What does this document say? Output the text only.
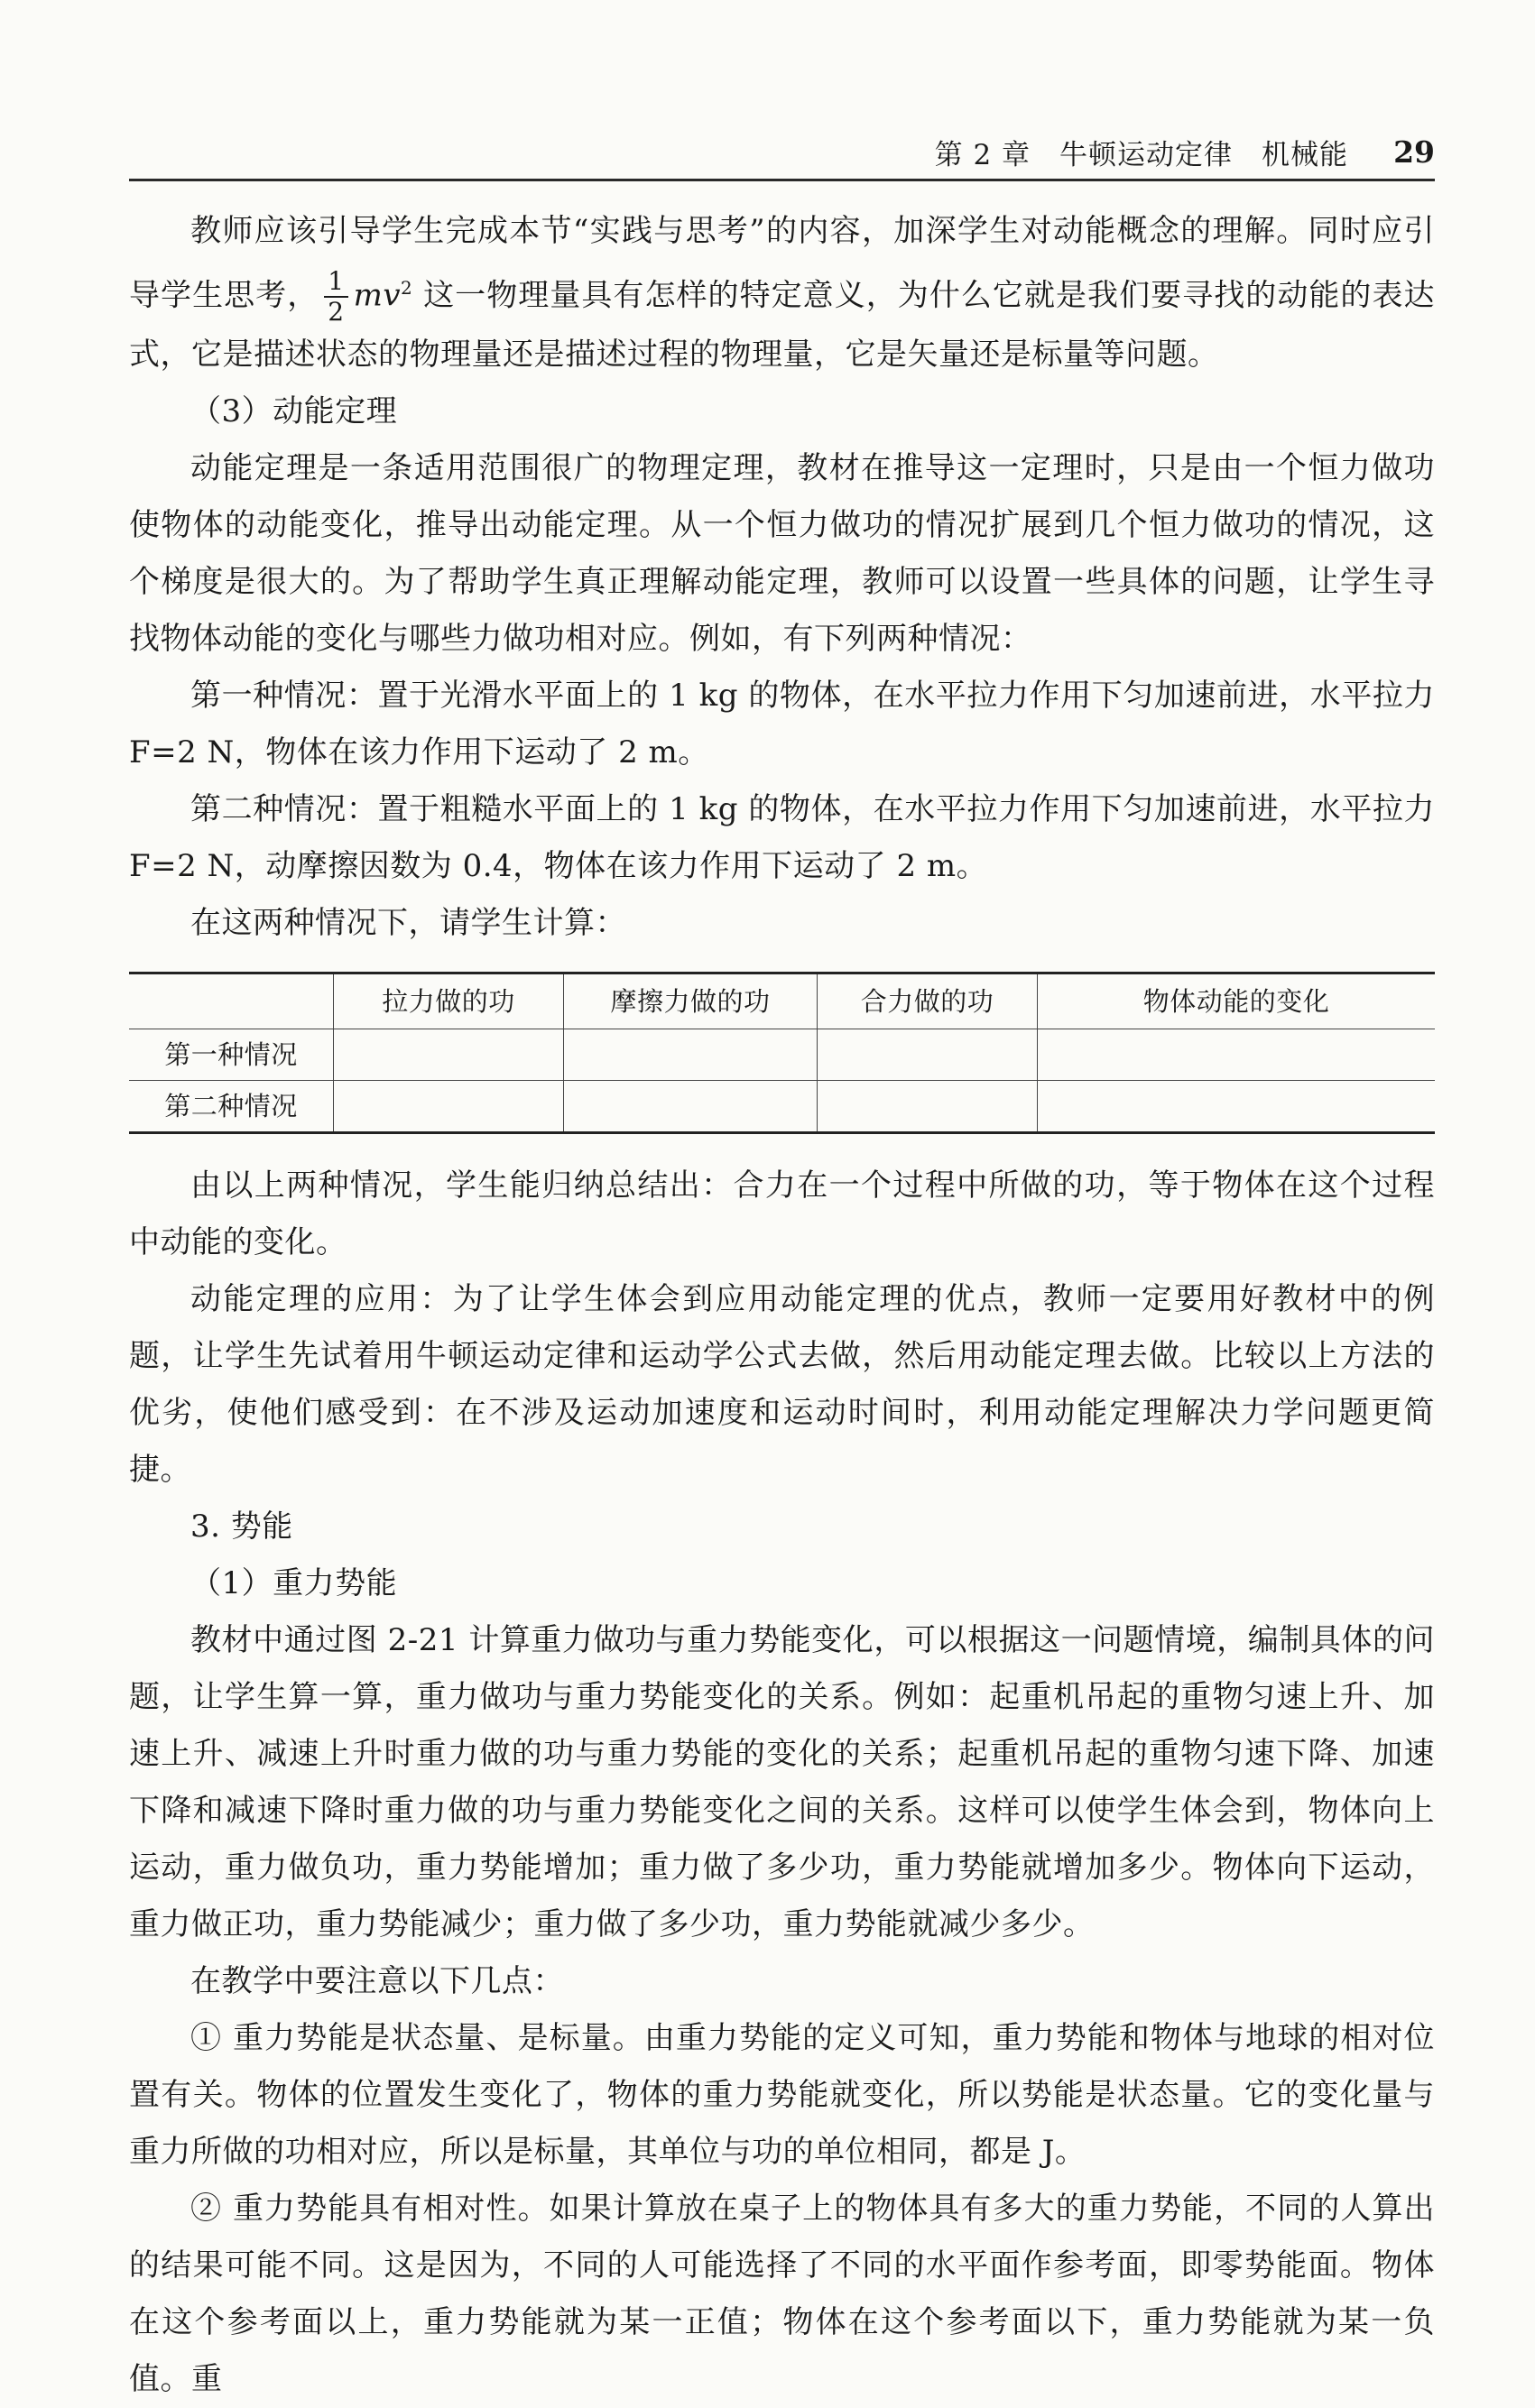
第 2 章　牛顿运动定律　机械能 29

教师应该引导学生完成本节“实践与思考”的内容，加深学生对动能概念的理解。同时应引导学生思考， $\frac{1}{2} mv^2$ 这一物理量具有怎样的特定意义，为什么它就是我们要寻找的动能的表达式，它是描述状态的物理量还是描述过程的物理量，它是矢量还是标量等问题。

（3）动能定理

动能定理是一条适用范围很广的物理定理，教材在推导这一定理时，只是由一个恒力做功使物体的动能变化，推导出动能定理。从一个恒力做功的情况扩展到几个恒力做功的情况，这个梯度是很大的。为了帮助学生真正理解动能定理，教师可以设置一些具体的问题，让学生寻找物体动能的变化与哪些力做功相对应。例如，有下列两种情况：

第一种情况：置于光滑水平面上的 1 kg 的物体，在水平拉力作用下匀加速前进，水平拉力 F=2 N，物体在该力作用下运动了 2 m。

第二种情况：置于粗糙水平面上的 1 kg 的物体，在水平拉力作用下匀加速前进，水平拉力 F=2 N，动摩擦因数为 0.4，物体在该力作用下运动了 2 m。

在这两种情况下，请学生计算：

	拉力做的功	摩擦力做的功	合力做的功	物体动能的变化
第一种情况				
第二种情况				

由以上两种情况，学生能归纳总结出：合力在一个过程中所做的功，等于物体在这个过程中动能的变化。

动能定理的应用：为了让学生体会到应用动能定理的优点，教师一定要用好教材中的例题，让学生先试着用牛顿运动定律和运动学公式去做，然后用动能定理去做。比较以上方法的优劣，使他们感受到：在不涉及运动加速度和运动时间时，利用动能定理解决力学问题更简捷。

3. 势能

（1）重力势能

教材中通过图 2-21 计算重力做功与重力势能变化，可以根据这一问题情境，编制具体的问题，让学生算一算，重力做功与重力势能变化的关系。例如：起重机吊起的重物匀速上升、加速上升、减速上升时重力做的功与重力势能的变化的关系；起重机吊起的重物匀速下降、加速下降和减速下降时重力做的功与重力势能变化之间的关系。这样可以使学生体会到，物体向上运动，重力做负功，重力势能增加；重力做了多少功，重力势能就增加多少。物体向下运动，重力做正功，重力势能减少；重力做了多少功，重力势能就减少多少。

在教学中要注意以下几点：

① 重力势能是状态量、是标量。由重力势能的定义可知，重力势能和物体与地球的相对位置有关。物体的位置发生变化了，物体的重力势能就变化，所以势能是状态量。它的变化量与重力所做的功相对应，所以是标量，其单位与功的单位相同，都是 J。

② 重力势能具有相对性。如果计算放在桌子上的物体具有多大的重力势能，不同的人算出的结果可能不同。这是因为，不同的人可能选择了不同的水平面作参考面，即零势能面。物体在这个参考面以上，重力势能就为某一正值；物体在这个参考面以下，重力势能就为某一负值。重
